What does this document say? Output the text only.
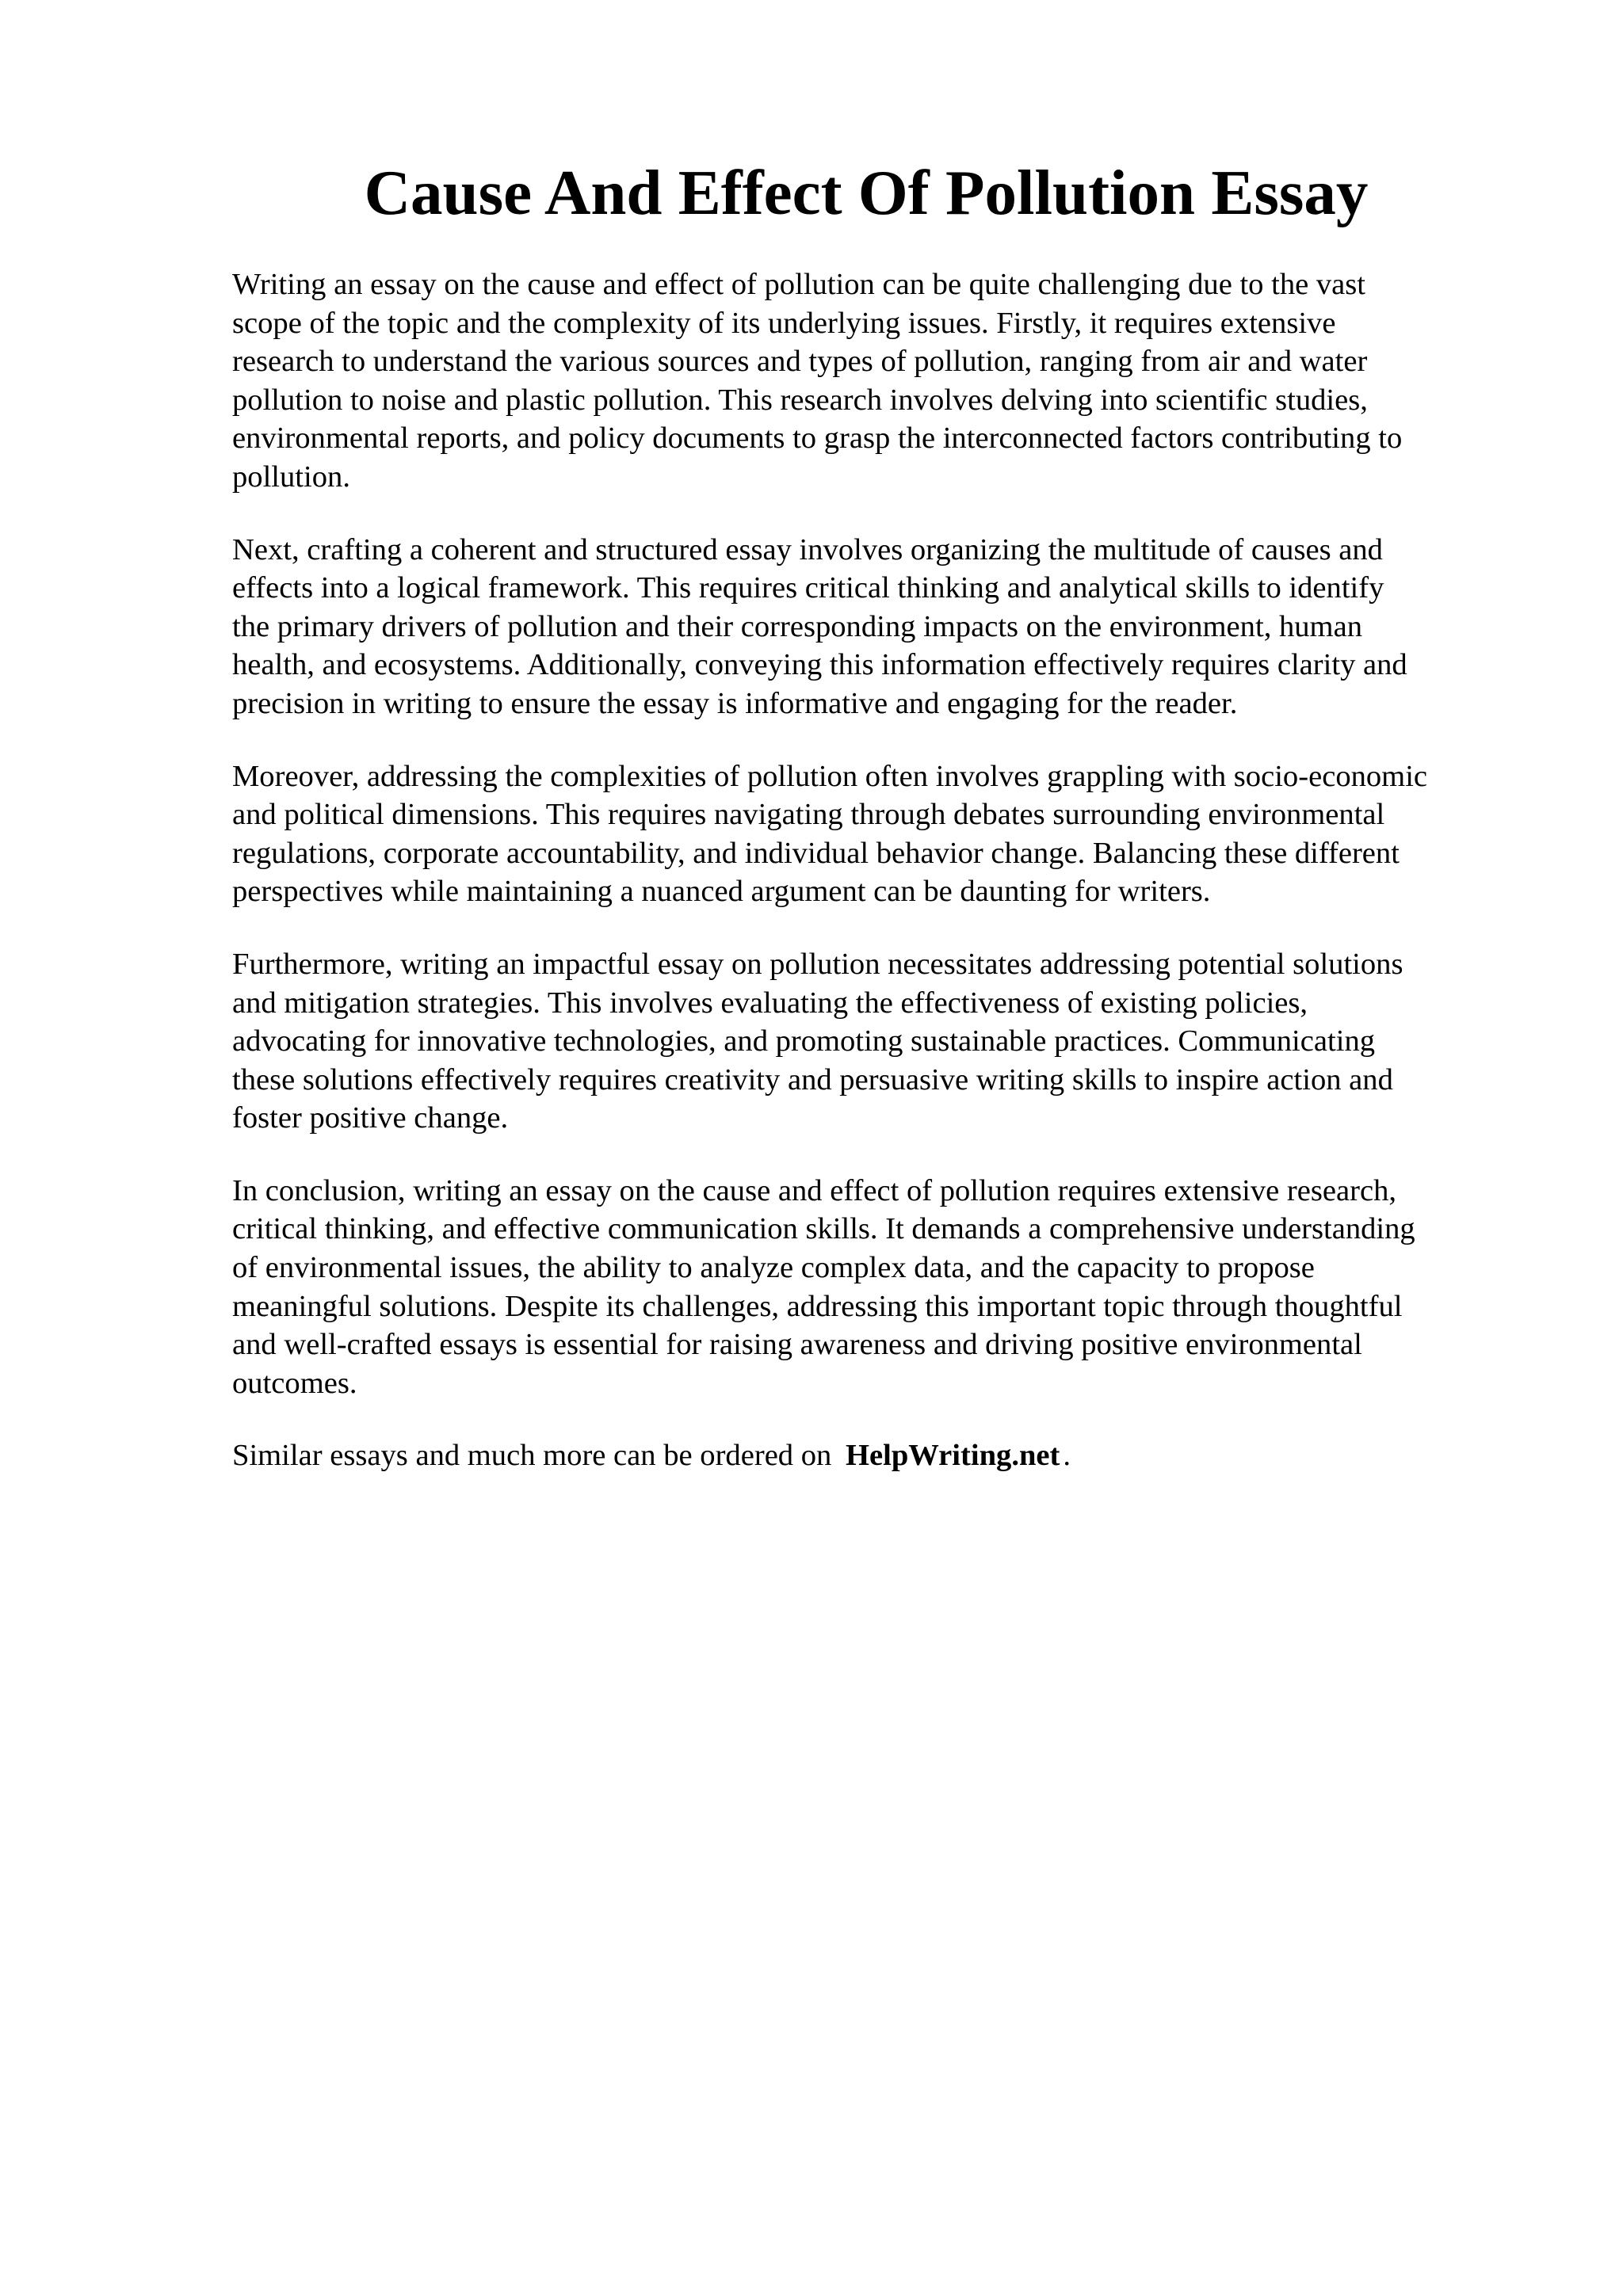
Cause And Effect Of Pollution Essay

Writing an essay on the cause and effect of pollution can be quite challenging due to the vast
scope of the topic and the complexity of its underlying issues. Firstly, it requires extensive
research to understand the various sources and types of pollution, ranging from air and water
pollution to noise and plastic pollution. This research involves delving into scientific studies,
environmental reports, and policy documents to grasp the interconnected factors contributing to
pollution.

Next, crafting a coherent and structured essay involves organizing the multitude of causes and
effects into a logical framework. This requires critical thinking and analytical skills to identify
the primary drivers of pollution and their corresponding impacts on the environment, human
health, and ecosystems. Additionally, conveying this information effectively requires clarity and
precision in writing to ensure the essay is informative and engaging for the reader.

Moreover, addressing the complexities of pollution often involves grappling with socio-economic
and political dimensions. This requires navigating through debates surrounding environmental
regulations, corporate accountability, and individual behavior change. Balancing these different
perspectives while maintaining a nuanced argument can be daunting for writers.

Furthermore, writing an impactful essay on pollution necessitates addressing potential solutions
and mitigation strategies. This involves evaluating the effectiveness of existing policies,
advocating for innovative technologies, and promoting sustainable practices. Communicating
these solutions effectively requires creativity and persuasive writing skills to inspire action and
foster positive change.

In conclusion, writing an essay on the cause and effect of pollution requires extensive research,
critical thinking, and effective communication skills. It demands a comprehensive understanding
of environmental issues, the ability to analyze complex data, and the capacity to propose
meaningful solutions. Despite its challenges, addressing this important topic through thoughtful
and well-crafted essays is essential for raising awareness and driving positive environmental
outcomes.

Similar essays and much more can be ordered on HelpWriting.net .
